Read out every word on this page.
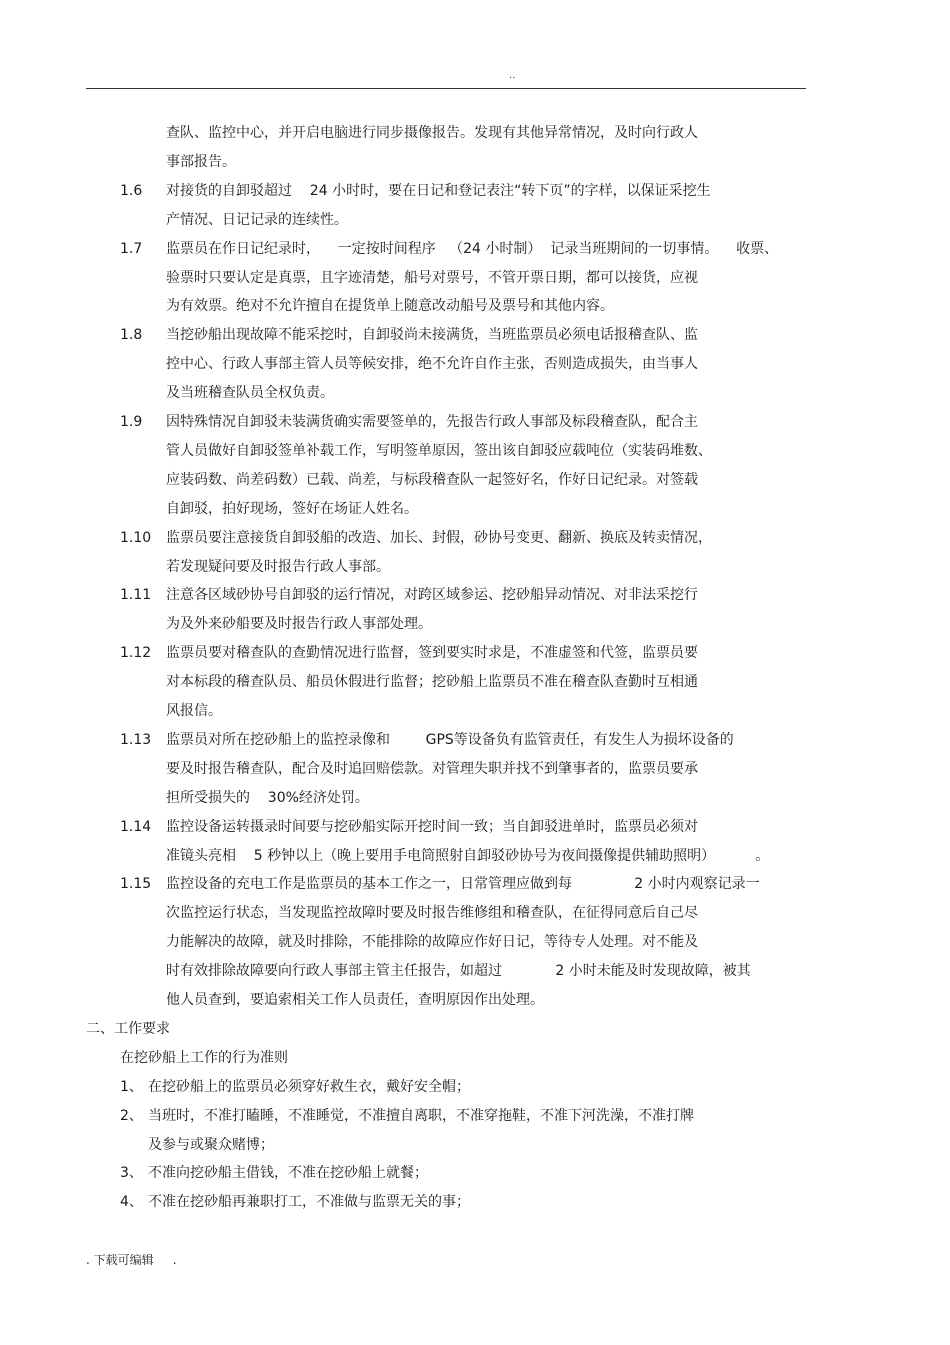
..
查队、监控中心，并开启电脑进行同步摄像报告。发现有其他异常情况，及时向行政人
事部报告。
1.6 对接货的自卸驳超过    24 小时时，要在日记和登记表注“转下页”的字样，以保证采挖生
产情况、日记记录的连续性。
1.7 监票员在作日记纪录时，    一定按时间程序   （24 小时制）  记录当班期间的一切事情。    收票、
验票时只要认定是真票，且字迹清楚，船号对票号，不管开票日期，都可以接货，应视
为有效票。绝对不允许擅自在提货单上随意改动船号及票号和其他内容。
1.8 当挖砂船出现故障不能采挖时，自卸驳尚未接满货，当班监票员必须电话报稽查队、监
控中心、行政人事部主管人员等候安排，绝不允许自作主张，否则造成损失，由当事人
及当班稽查队员全权负责。
1.9 因特殊情况自卸驳未装满货确实需要签单的，先报告行政人事部及标段稽查队，配合主
管人员做好自卸驳签单补载工作，写明签单原因，签出该自卸驳应载吨位（实装码堆数、
应装码数、尚差码数）已载、尚差，与标段稽查队一起签好名，作好日记纪录。对签载
自卸驳，拍好现场，签好在场证人姓名。
1.10 监票员要注意接货自卸驳船的改造、加长、封假，砂协号变更、翻新、换底及转卖情况，
若发现疑问要及时报告行政人事部。
1.11 注意各区域砂协号自卸驳的运行情况，对跨区域参运、挖砂船异动情况、对非法采挖行
为及外来砂船要及时报告行政人事部处理。
1.12 监票员要对稽查队的查勤情况进行监督，签到要实时求是，不准虚签和代签，监票员要
对本标段的稽查队员、船员休假进行监督；挖砂船上监票员不准在稽查队查勤时互相通
风报信。
1.13 监票员对所在挖砂船上的监控录像和        GPS等设备负有监管责任，有发生人为损坏设备的
要及时报告稽查队，配合及时追回赔偿款。对管理失职并找不到肇事者的，监票员要承
担所受损失的    30%经济处罚。
1.14 监控设备运转摄录时间要与挖砂船实际开挖时间一致；当自卸驳进单时，监票员必须对
准镜头亮相    5 秒钟以上（晚上要用手电筒照射自卸驳砂协号为夜间摄像提供辅助照明）         。
1.15 监控设备的充电工作是监票员的基本工作之一，日常管理应做到每              2 小时内观察记录一
次监控运行状态，当发现监控故障时要及时报告维修组和稽查队，在征得同意后自己尽
力能解决的故障，就及时排除，不能排除的故障应作好日记，等待专人处理。对不能及
时有效排除故障要向行政人事部主管主任报告，如超过            2 小时未能及时发现故障，被其
他人员查到，要追索相关工作人员责任，查明原因作出处理。
二、工作要求
在挖砂船上工作的行为准则
1、 在挖砂船上的监票员必须穿好救生衣，戴好安全帽；
2、 当班时，不准打瞌睡，不准睡觉，不准擅自离职，不准穿拖鞋，不准下河洗澡，不准打牌
及参与或聚众赌博；
3、 不准向挖砂船主借钱，不准在挖砂船上就餐；
4、 不准在挖砂船再兼职打工，不准做与监票无关的事；
. 下载可编辑     .
